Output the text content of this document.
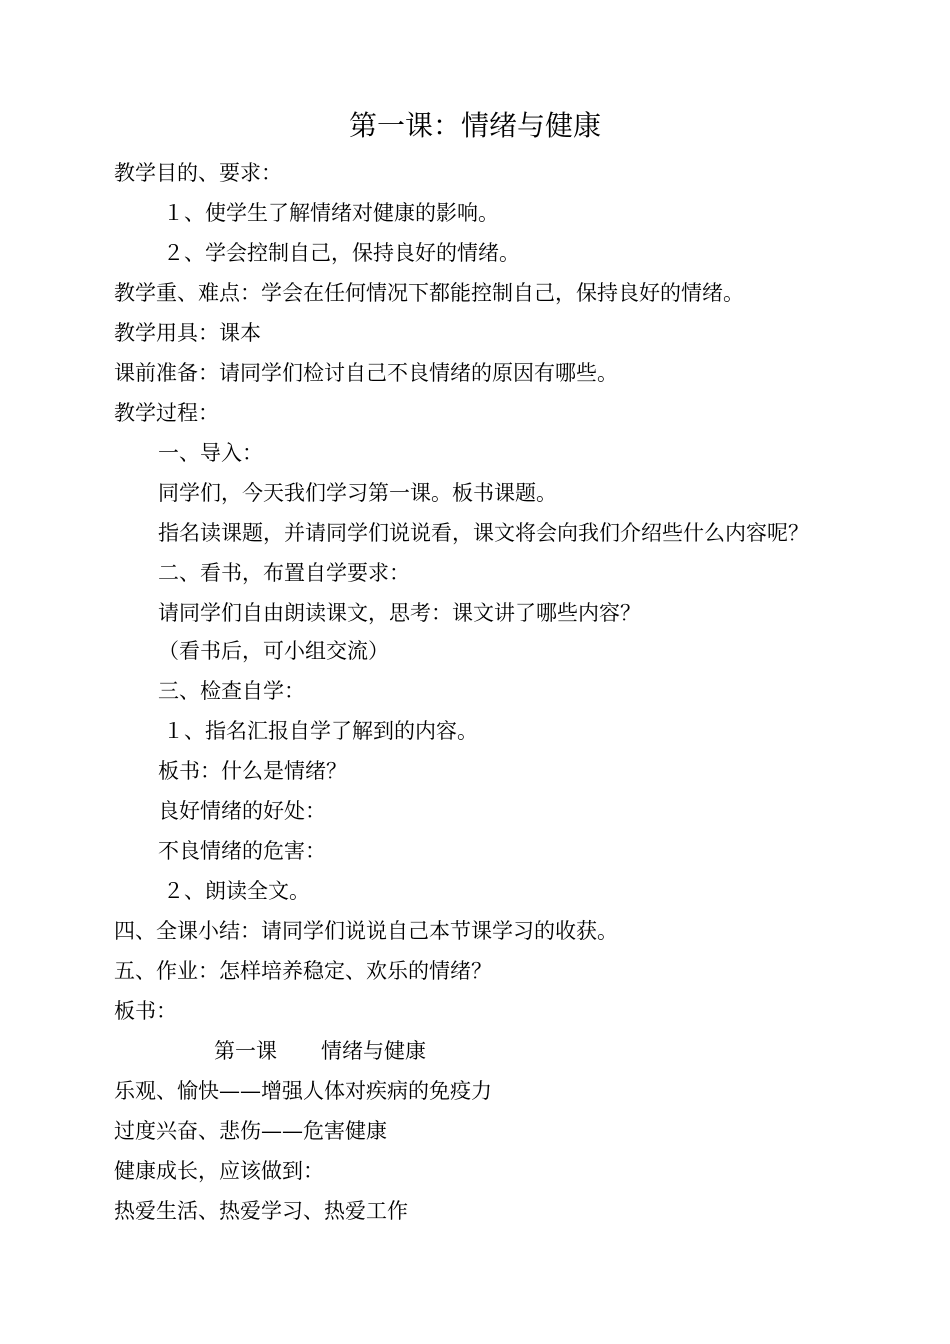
第一课：情绪与健康
教学目的、要求：
１、使学生了解情绪对健康的影响。
２、学会控制自己，保持良好的情绪。
教学重、难点：学会在任何情况下都能控制自己，保持良好的情绪。
教学用具：课本
课前准备：请同学们检讨自己不良情绪的原因有哪些。
教学过程：
一、导入：
同学们，今天我们学习第一课。板书课题。
指名读课题，并请同学们说说看，课文将会向我们介绍些什么内容呢？
二、看书，布置自学要求：
请同学们自由朗读课文，思考：课文讲了哪些内容？
（看书后，可小组交流）
三、检查自学：
１、指名汇报自学了解到的内容。
板书：什么是情绪？
良好情绪的好处：
不良情绪的危害：
２、朗读全文。
四、全课小结：请同学们说说自己本节课学习的收获。
五、作业：怎样培养稳定、欢乐的情绪？
板书：
第一课 情绪与健康
乐观、愉快——增强人体对疾病的免疫力
过度兴奋、悲伤——危害健康
健康成长，应该做到：
热爱生活、热爱学习、热爱工作
